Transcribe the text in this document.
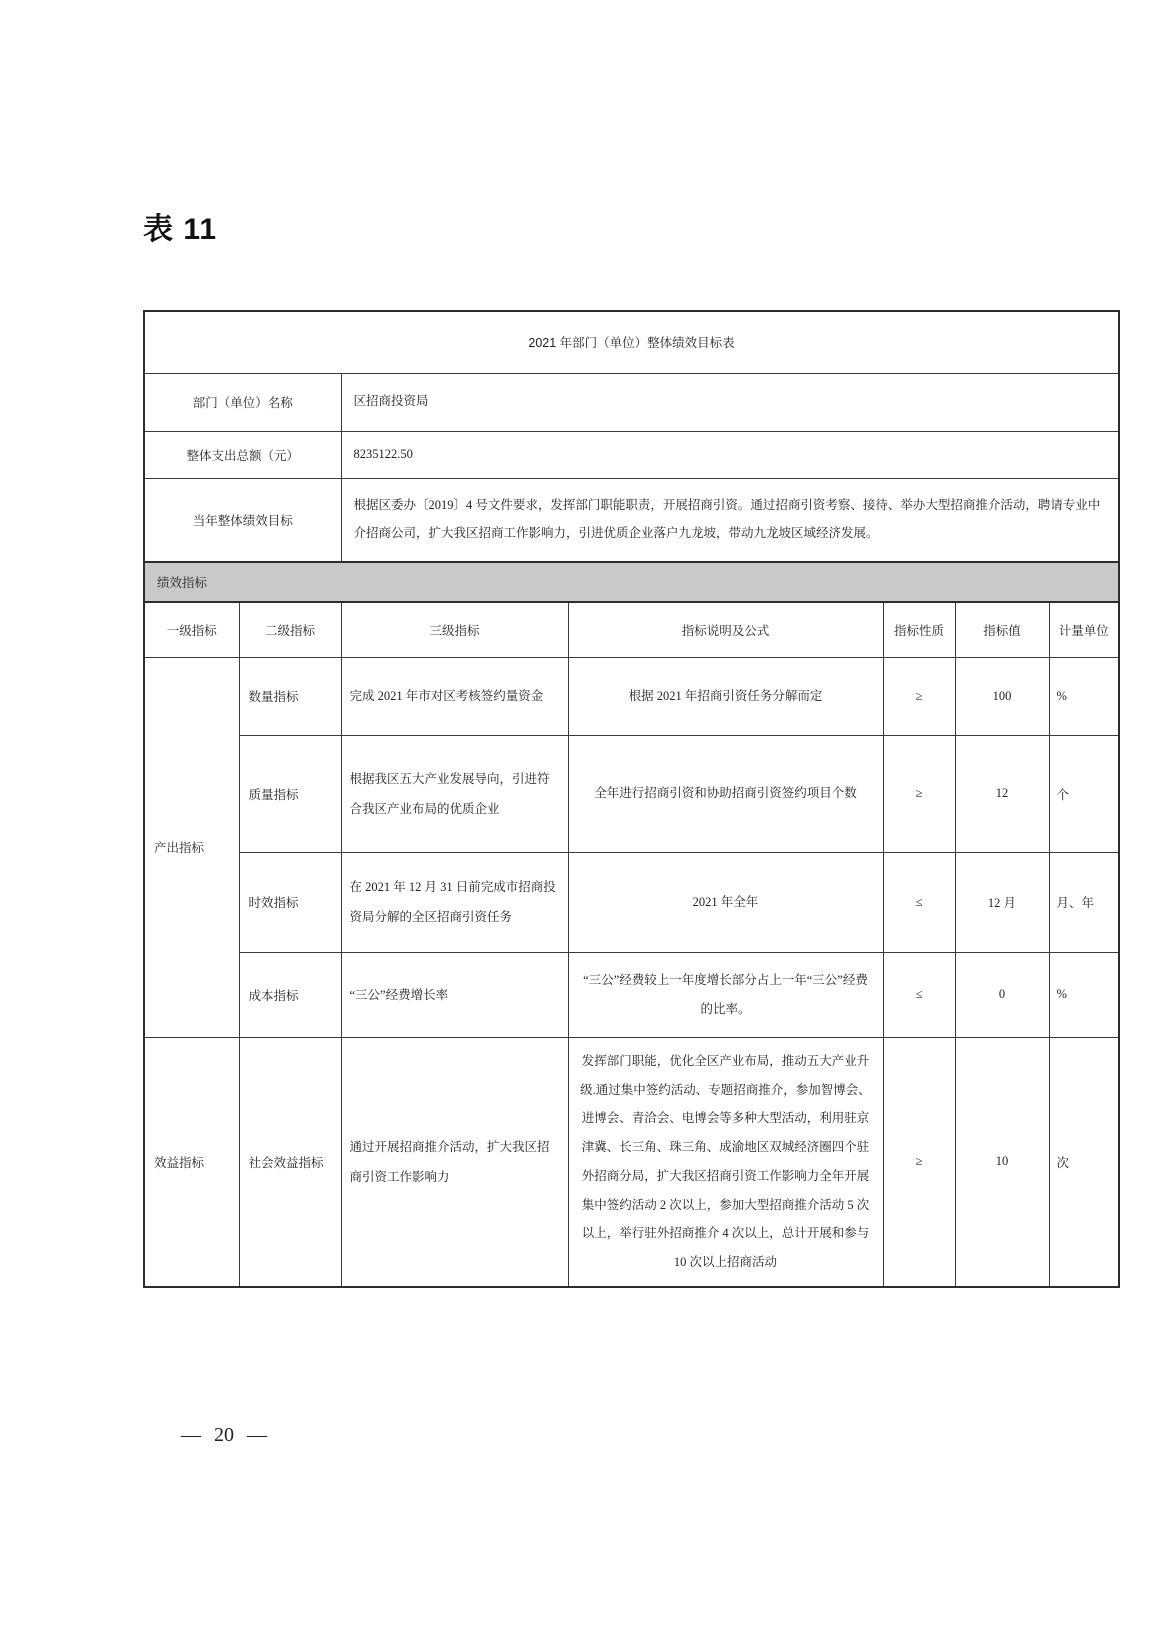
表 11
2021 年部门（单位）整体绩效目标表						
部门（单位）名称		区招商投资局				
整体支出总额（元）		8235122.50				
当年整体绩效目标		根据区委办〔2019〕4 号文件要求，发挥部门职能职责，开展招商引资。通过招商引资考察、接待、举办大型招商推介活动，聘请专业中介招商公司，扩大我区招商工作影响力，引进优质企业落户九龙坡，带动九龙坡区域经济发展。				
绩效指标						
一级指标	二级指标	三级指标	指标说明及公式	指标性质	指标值	计量单位
产出指标	数量指标	完成 2021 年市对区考核签约量资金	根据 2021 年招商引资任务分解而定	≥	100	%
	质量指标	根据我区五大产业发展导向，引进符合我区产业布局的优质企业	全年进行招商引资和协助招商引资签约项目个数	≥	12	个
	时效指标	在 2021 年 12 月 31 日前完成市招商投资局分解的全区招商引资任务	2021 年全年	≤	12 月	月、年
	成本指标	“三公”经费增长率	“三公”经费较上一年度增长部分占上一年“三公”经费的比率。	≤	0	%
效益指标	社会效益指标	通过开展招商推介活动，扩大我区招商引资工作影响力	发挥部门职能，优化全区产业布局，推动五大产业升级.通过集中签约活动、专题招商推介，参加智博会、进博会、青洽会、电博会等多种大型活动，利用驻京津冀、长三角、珠三角、成渝地区双城经济圈四个驻外招商分局，扩大我区招商引资工作影响力全年开展集中签约活动 2 次以上，参加大型招商推介活动 5 次以上，举行驻外招商推介 4 次以上，总计开展和参与 10 次以上招商活动	≥	10	次
— 20 —
